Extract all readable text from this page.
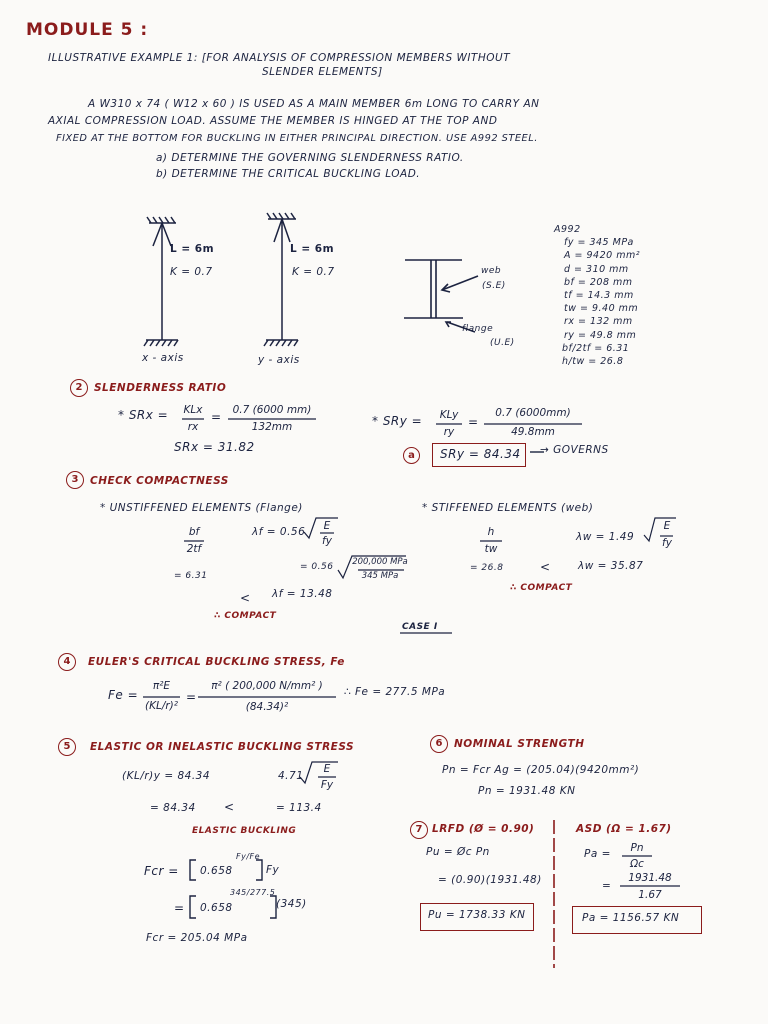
MODULE 5 :
ILLUSTRATIVE EXAMPLE 1: [FOR ANALYSIS OF COMPRESSION MEMBERS WITHOUT
SLENDER ELEMENTS]
A W310 x 74 ( W12 x 60 ) IS USED AS A MAIN MEMBER 6m LONG TO CARRY AN
AXIAL COMPRESSION LOAD. ASSUME THE MEMBER IS HINGED AT THE TOP AND
FIXED AT THE BOTTOM FOR BUCKLING IN EITHER PRINCIPAL DIRECTION. USE A992 STEEL.
a) DETERMINE THE GOVERNING SLENDERNESS RATIO.
b) DETERMINE THE CRITICAL BUCKLING LOAD.
L = 6m
K = 0.7
x - axis
L = 6m
K = 0.7
y - axis
web
(S.E)
flange
(U.E)
A992
fy = 345 MPa
A = 9420 mm²
d = 310 mm
bf = 208 mm
tf = 14.3 mm
tw = 9.40 mm
rx = 132 mm
ry = 49.8 mm
bf/2tf = 6.31
h/tw = 26.8
2	SLENDERNESS RATIO
* SRx = KLx
rx
=	0.7 (6000 mm)
132mm
SRx = 31.82
* SRy =	KLy
ry
=
0.7 (6000mm)
49.8mm
a	SRy = 84.34 → GOVERNS
3	CHECK COMPACTNESS
* UNSTIFFENED ELEMENTS (Flange)	* STIFFENED ELEMENTS (web)
bf
2tf
λf = 0.56	E
fy
= 0.56 200,000 MPa
345 MPa
= 6.31
< λf = 13.48
∴ COMPACT
h
tw
λw = 1.49
E
fy
= 26.8	<	λw = 35.87
∴ COMPACT
CASE I
4	EULER'S CRITICAL BUCKLING STRESS, Fe
Fe =
π²E
(KL/r)²
=
π² ( 200,000 N/mm² )
(84.34)²
∴ Fe = 277.5 MPa
5	ELASTIC OR INELASTIC BUCKLING STRESS
(KL/r)y = 84.34	4.71
E
Fy
= 84.34 <	= 113.4
ELASTIC BUCKLING
Fcr = 0.658
Fy/Fe
Fy
= 0.658
345/277.5
(345)
Fcr = 205.04 MPa
6	NOMINAL STRENGTH
Pn = Fcr Ag = (205.04)(9420mm²)
Pn = 1931.48 KN
7 LRFD (Ø = 0.90)
Pu = Øc Pn
= (0.90)(1931.48)
Pu = 1738.33 KN
ASD (Ω = 1.67)
Pa =	Pn
Ωc
=
1931.48
1.67
Pa = 1156.57 KN
